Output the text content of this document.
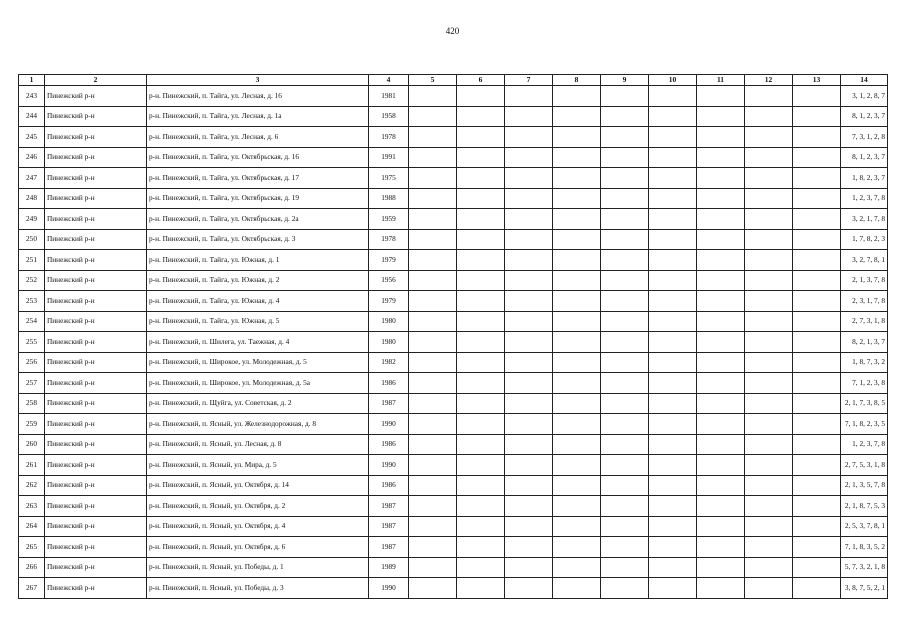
420
1	2	3	4	5	6	7	8	9	10	11	12	13	14
243	Пинежский р-н	р-н. Пинежский, п. Тайга, ул. Лесная, д. 16	1981										3, 1, 2, 8, 7
244	Пинежский р-н	р-н. Пинежский, п. Тайга, ул. Лесная, д. 1а	1958										8, 1, 2, 3, 7
245	Пинежский р-н	р-н. Пинежский, п. Тайга, ул. Лесная, д. 6	1978										7, 3, 1, 2, 8
246	Пинежский р-н	р-н. Пинежский, п. Тайга, ул. Октябрьская, д. 16	1991										8, 1, 2, 3, 7
247	Пинежский р-н	р-н. Пинежский, п. Тайга, ул. Октябрьская, д. 17	1975										1, 8, 2, 3, 7
248	Пинежский р-н	р-н. Пинежский, п. Тайга, ул. Октябрьская, д. 19	1988										1, 2, 3, 7, 8
249	Пинежский р-н	р-н. Пинежский, п. Тайга, ул. Октябрьская, д. 2а	1959										3, 2, 1, 7, 8
250	Пинежский р-н	р-н. Пинежский, п. Тайга, ул. Октябрьская, д. 3	1978										1, 7, 8, 2, 3
251	Пинежский р-н	р-н. Пинежский, п. Тайга, ул. Южная, д. 1	1979										3, 2, 7, 8, 1
252	Пинежский р-н	р-н. Пинежский, п. Тайга, ул. Южная, д. 2	1956										2, 1, 3, 7, 8
253	Пинежский р-н	р-н. Пинежский, п. Тайга, ул. Южная, д. 4	1979										2, 3, 1, 7, 8
254	Пинежский р-н	р-н. Пинежский, п. Тайга, ул. Южная, д. 5	1980										2, 7, 3, 1, 8
255	Пинежский р-н	р-н. Пинежский, п. Шилега, ул. Таежная, д. 4	1980										8, 2, 1, 3, 7
256	Пинежский р-н	р-н. Пинежский, п. Широкое, ул. Молодежная, д. 5	1982										1, 8, 7, 3, 2
257	Пинежский р-н	р-н. Пинежский, п. Широкое, ул. Молодежная, д. 5а	1986										7, 1, 2, 3, 8
258	Пинежский р-н	р-н. Пинежский, п. Щуйга, ул. Советская, д. 2	1987										2, 1, 7, 3, 8, 5
259	Пинежский р-н	р-н. Пинежский, п. Ясный, ул. Железнодорожная, д. 8	1990										7, 1, 8, 2, 3, 5
260	Пинежский р-н	р-н. Пинежский, п. Ясный, ул. Лесная, д. 8	1986										1, 2, 3, 7, 8
261	Пинежский р-н	р-н. Пинежский, п. Ясный, ул. Мира, д. 5	1990										2, 7, 5, 3, 1, 8
262	Пинежский р-н	р-н. Пинежский, п. Ясный, ул. Октября, д. 14	1986										2, 1, 3, 5, 7, 8
263	Пинежский р-н	р-н. Пинежский, п. Ясный, ул. Октября, д. 2	1987										2, 1, 8, 7, 5, 3
264	Пинежский р-н	р-н. Пинежский, п. Ясный, ул. Октября, д. 4	1987										2, 5, 3, 7, 8, 1
265	Пинежский р-н	р-н. Пинежский, п. Ясный, ул. Октября, д. 6	1987										7, 1, 8, 3, 5, 2
266	Пинежский р-н	р-н. Пинежский, п. Ясный, ул. Победы, д. 1	1989										5, 7, 3, 2, 1, 8
267	Пинежский р-н	р-н. Пинежский, п. Ясный, ул. Победы, д. 3	1990										3, 8, 7, 5, 2, 1
